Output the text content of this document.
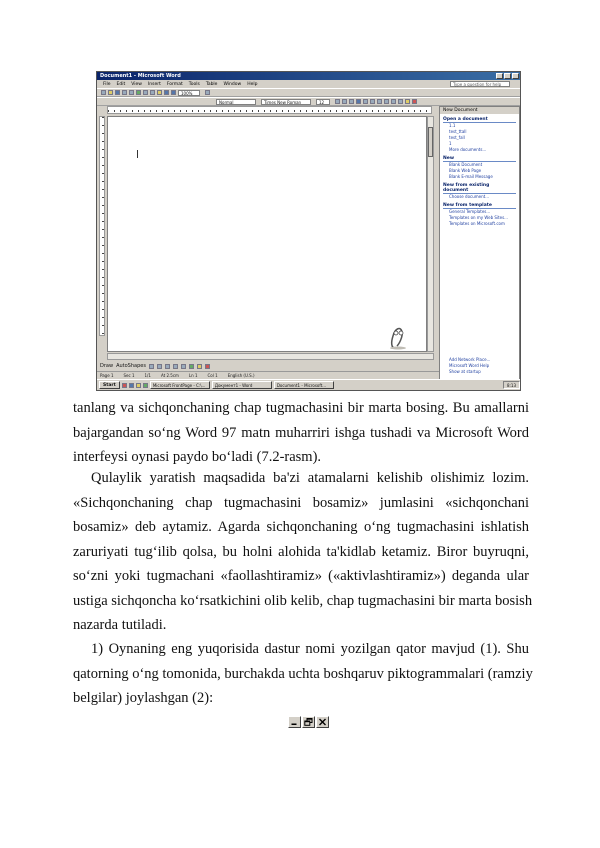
Document1 - Microsoft Word
File Edit View Insert Format Tools Table Window Help	Type a question for help
100%
Normal	Times New Roman	12
Draw AutoShapes
Page 1	Sec 1	1/1	At 2.5cm	Ln 1	Col 1	English (U.S.)
New Document
Open a document
1.1
test_ttall
test_fall
1
More documents...
New
Blank Document
Blank Web Page
Blank E-mail Message
New from existing document
Choose document...
New from template
General Templates...
Templates on my Web Sites...
Templates on Microsoft.com
Add Network Place...
Microsoft Word Help
Show at startup
Start	Microsoft FrontPage - C:\...	Документ1 - Word	Document1 - Microsoft...	8:13

tanlang va sichqonchaning chap tugmachasini bir marta bosing. Bu amallarni
bajargandan so‘ng Word 97 matn muharriri ishga tushadi va Microsoft Word
interfeysi oynasi paydo bo‘ladi (7.2-rasm).

Qulaylik yaratish maqsadida ba'zi atamalarni kelishib olishimiz lozim.
«Sichqonchaning chap tugmachasini bosamiz» jumlasini «sichqonchani
bosamiz» deb aytamiz. Agarda sichqonchaning o‘ng tugmachasini ishlatish
zaruriyati tug‘ilib qolsa, bu holni alohida ta'kidlab ketamiz. Biror buyruqni,
so‘zni yoki tugmachani «faollashtiramiz» («aktivlashtiramiz») deganda ular
ustiga sichqoncha ko‘rsatkichini olib kelib, chap tugmachasini bir marta bosish
nazarda tutiladi.

1) Oynaning eng yuqorisida dastur nomi yozilgan qator mavjud (1). Shu
qatorning o‘ng tomonida, burchakda uchta boshqaruv piktogrammalari (ramziy
belgilar) joylashgan (2):
